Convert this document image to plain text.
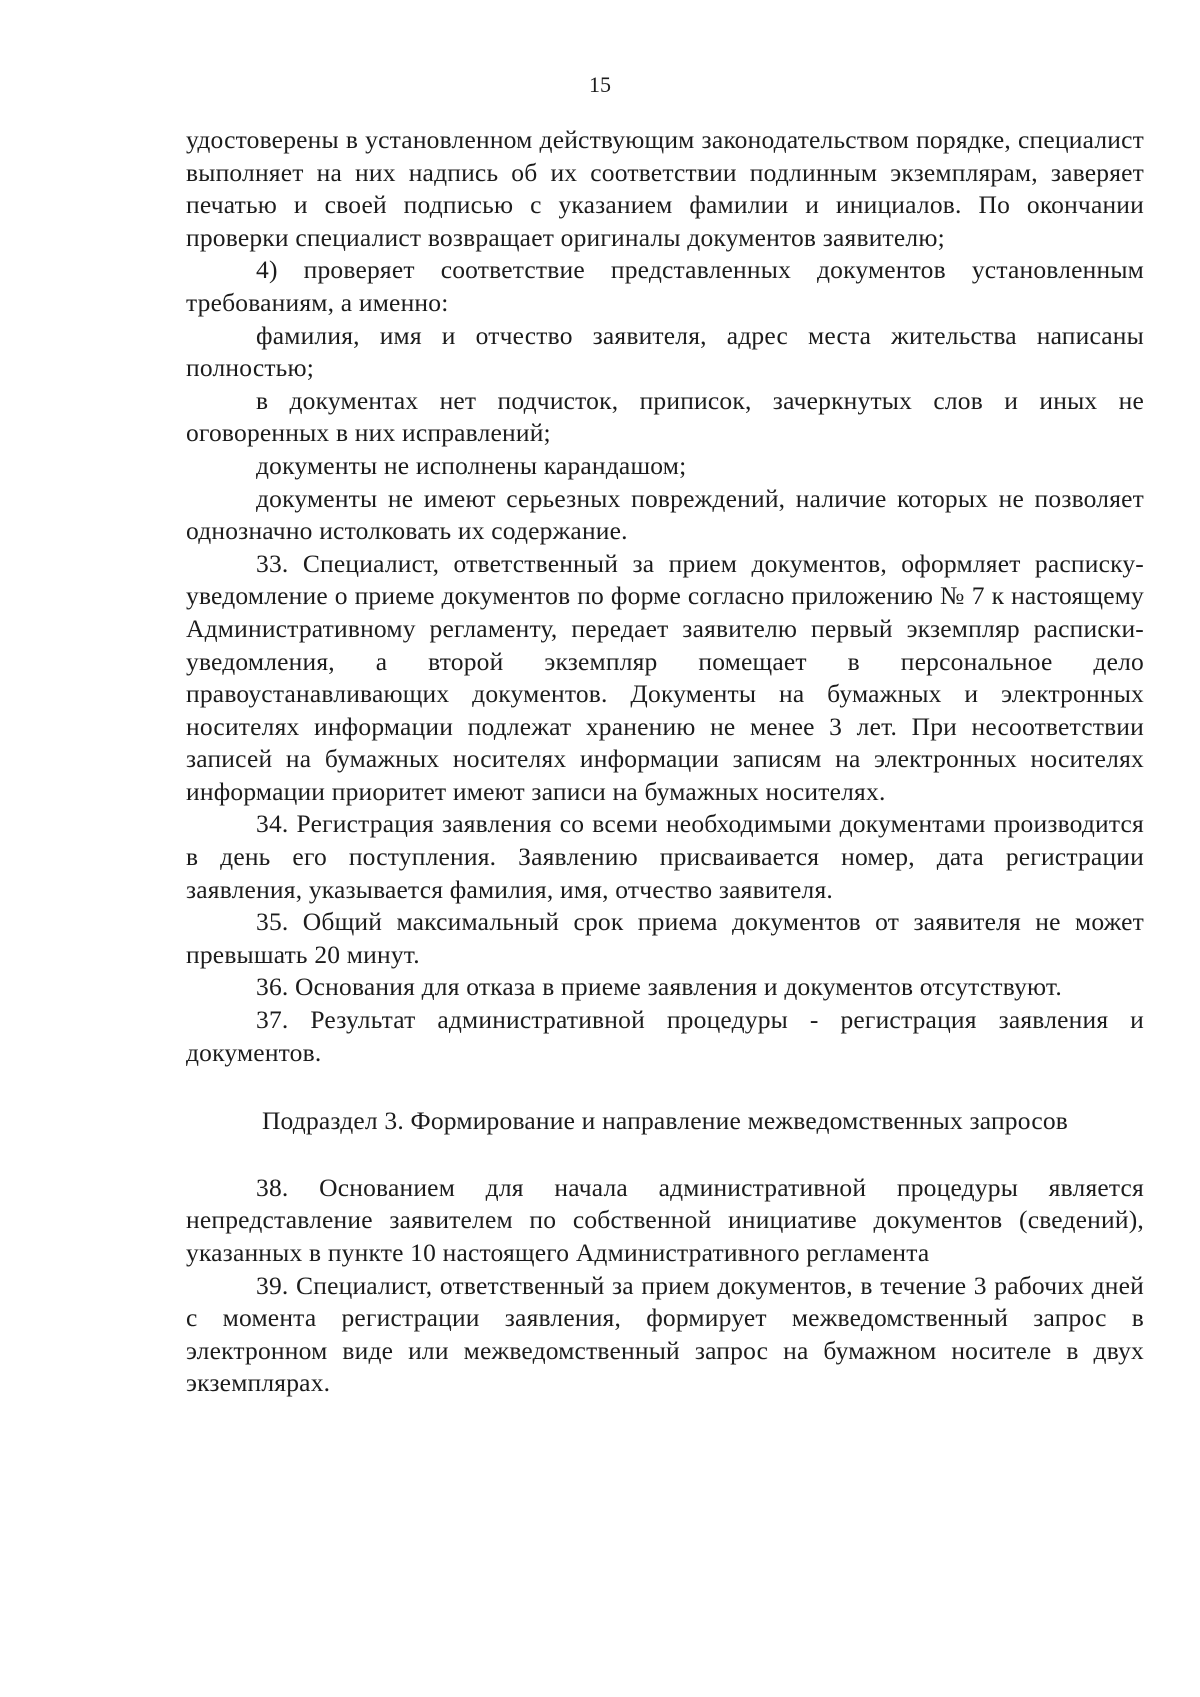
15

удостоверены в установленном действующим законодательством порядке, специалист выполняет на них надпись об их соответствии подлинным экземплярам, заверяет печатью и своей подписью с указанием фамилии и инициалов. По окончании проверки специалист возвращает оригиналы документов заявителю;

4) проверяет соответствие представленных документов установленным требованиям, а именно:

фамилия, имя и отчество заявителя, адрес места жительства написаны полностью;

в документах нет подчисток, приписок, зачеркнутых слов и иных не оговоренных в них исправлений;

документы не исполнены карандашом;

документы не имеют серьезных повреждений, наличие которых не позволяет однозначно истолковать их содержание.

33. Специалист, ответственный за прием документов, оформляет расписку-уведомление о приеме документов по форме согласно приложению № 7 к настоящему Административному регламенту, передает заявителю первый экземпляр расписки-уведомления, а второй экземпляр помещает в персональное дело правоустанавливающих документов. Документы на бумажных и электронных носителях информации подлежат хранению не менее 3 лет. При несоответствии записей на бумажных носителях информации записям на электронных носителях информации приоритет имеют записи на бумажных носителях.

34. Регистрация заявления со всеми необходимыми документами производится в день его поступления. Заявлению присваивается номер, дата регистрации заявления, указывается фамилия, имя, отчество заявителя.

35. Общий максимальный срок приема документов от заявителя не может превышать 20 минут.

36. Основания для отказа в приеме заявления и документов отсутствуют.

37. Результат административной процедуры - регистрация заявления и документов.

Подраздел 3. Формирование и направление межведомственных запросов

38. Основанием для начала административной процедуры является непредставление заявителем по собственной инициативе документов (сведений), указанных в пункте 10 настоящего Административного регламента

39. Специалист, ответственный за прием документов, в течение 3 рабочих дней с момента регистрации заявления, формирует межведомственный запрос в электронном виде или межведомственный запрос на бумажном носителе в двух экземплярах.
